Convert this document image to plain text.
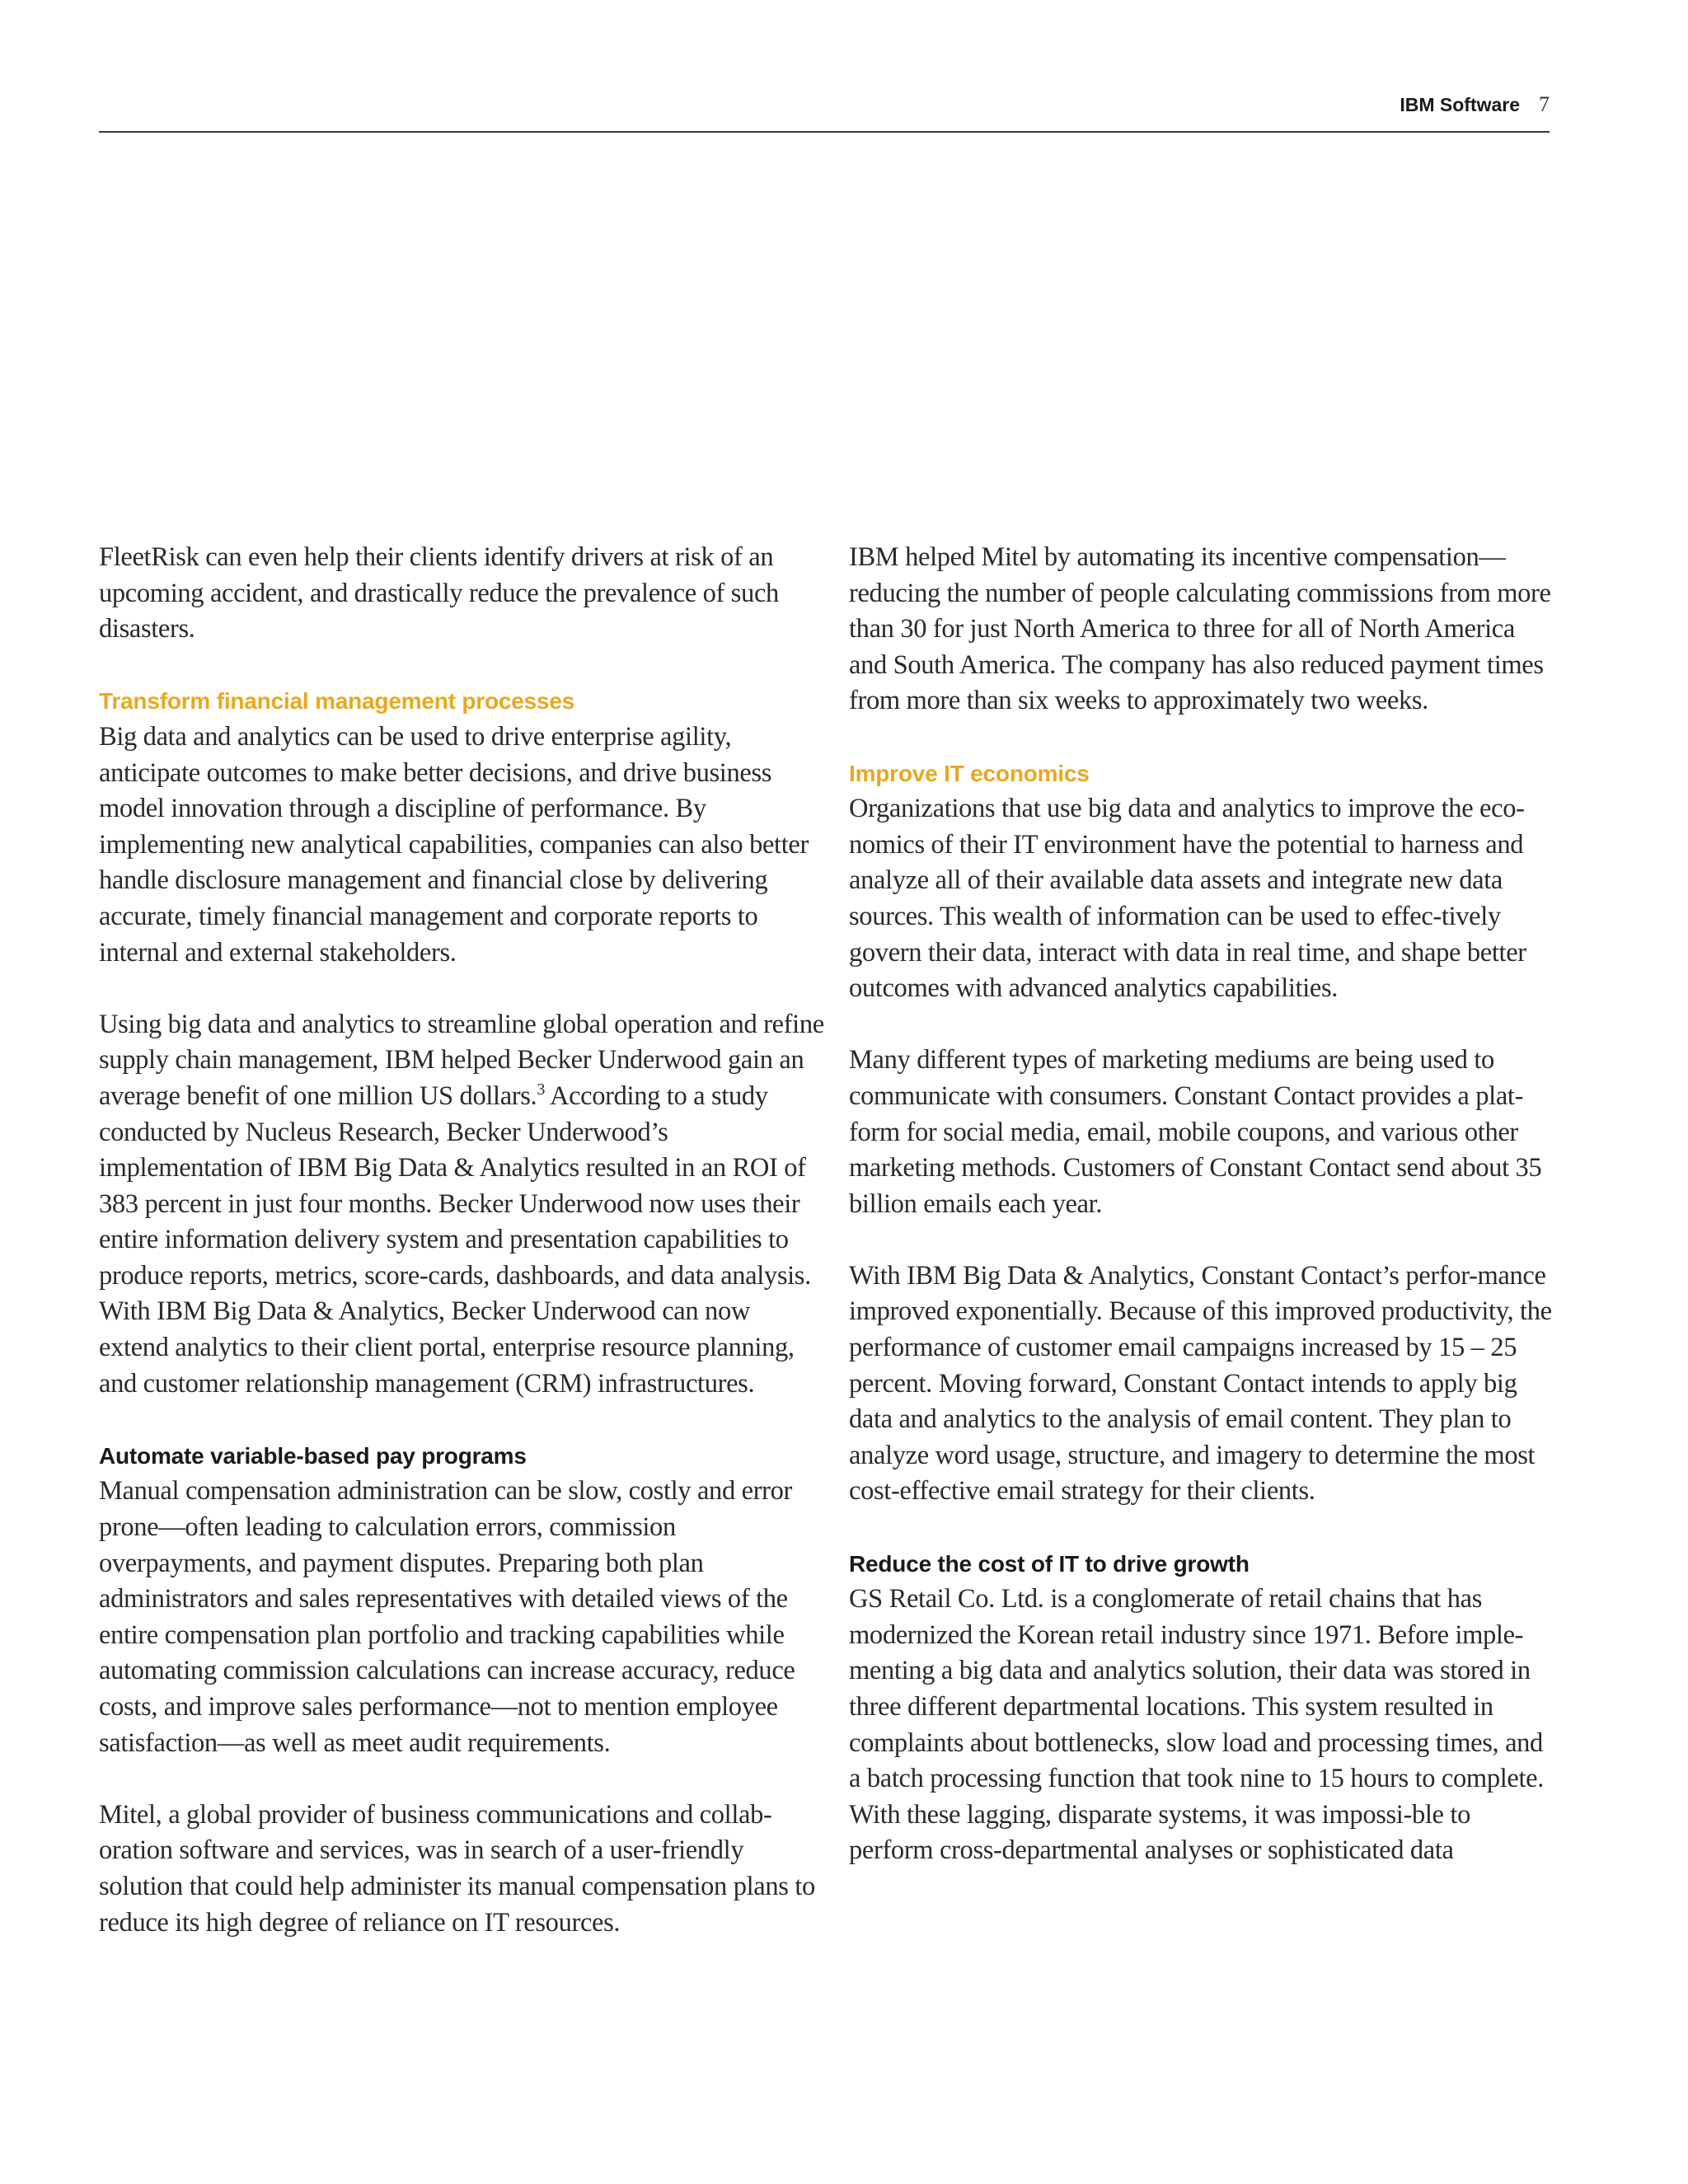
IBM Software 7

FleetRisk can even help their clients identify drivers at risk of an upcoming accident, and drastically reduce the prevalence of such disasters.

Transform financial management processes

Big data and analytics can be used to drive enterprise agility, anticipate outcomes to make better decisions, and drive business model innovation through a discipline of performance. By implementing new analytical capabilities, companies can also better handle disclosure management and financial close by delivering accurate, timely financial management and corporate reports to internal and external stakeholders.

Using big data and analytics to streamline global operation and refine supply chain management, IBM helped Becker Underwood gain an average benefit of one million US dollars.$^3$ According to a study conducted by Nucleus Research, Becker Underwood’s implementation of IBM Big Data & Analytics resulted in an ROI of 383 percent in just four months. Becker Underwood now uses their entire information delivery system and presentation capabilities to produce reports, metrics, score-cards, dashboards, and data analysis. With IBM Big Data & Analytics, Becker Underwood can now extend analytics to their client portal, enterprise resource planning, and customer relationship management (CRM) infrastructures.

Automate variable-based pay programs

Manual compensation administration can be slow, costly and error prone—often leading to calculation errors, commission overpayments, and payment disputes. Preparing both plan administrators and sales representatives with detailed views of the entire compensation plan portfolio and tracking capabilities while automating commission calculations can increase accuracy, reduce costs, and improve sales performance—not to mention employee satisfaction—as well as meet audit requirements.

Mitel, a global provider of business communications and collab-oration software and services, was in search of a user-friendly solution that could help administer its manual compensation plans to reduce its high degree of reliance on IT resources.

IBM helped Mitel by automating its incentive compensation—reducing the number of people calculating commissions from more than 30 for just North America to three for all of North America and South America. The company has also reduced payment times from more than six weeks to approximately two weeks.

Improve IT economics

Organizations that use big data and analytics to improve the eco-nomics of their IT environment have the potential to harness and analyze all of their available data assets and integrate new data sources. This wealth of information can be used to effec-tively govern their data, interact with data in real time, and shape better outcomes with advanced analytics capabilities.

Many different types of marketing mediums are being used to communicate with consumers. Constant Contact provides a plat-form for social media, email, mobile coupons, and various other marketing methods. Customers of Constant Contact send about 35 billion emails each year.

With IBM Big Data & Analytics, Constant Contact’s perfor-mance improved exponentially. Because of this improved productivity, the performance of customer email campaigns increased by 15 – 25 percent. Moving forward, Constant Contact intends to apply big data and analytics to the analysis of email content. They plan to analyze word usage, structure, and imagery to determine the most cost-effective email strategy for their clients.

Reduce the cost of IT to drive growth

GS Retail Co. Ltd. is a conglomerate of retail chains that has modernized the Korean retail industry since 1971. Before imple-menting a big data and analytics solution, their data was stored in three different departmental locations. This system resulted in complaints about bottlenecks, slow load and processing times, and a batch processing function that took nine to 15 hours to complete. With these lagging, disparate systems, it was impossi-ble to perform cross-departmental analyses or sophisticated data
